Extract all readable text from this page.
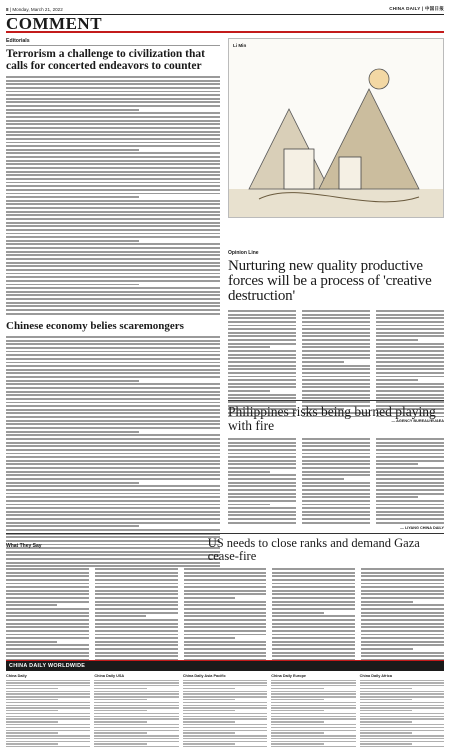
8 | Monday, March 21, 2022	CHINA DAILY | 中国日报
COMMENT
Editorials
Terrorism a challenge to civilization that calls for concerted endeavors to counter
Chinese economy belies scaremongers
Li Min
Opinion Line
Nurturing new quality productive forces will be a process of 'creative destruction'
— AGENCY BUREAU/EU&EA
Philippines risks being burned playing with fire
— LIYANG CHINA DAILY
What They Say	US needs to close ranks and demand Gaza cease-fire
CHINA DAILY WORLDWIDE
China Daily	China Daily USA	China Daily Asia Pacific	China Daily Europe	China Daily Africa
